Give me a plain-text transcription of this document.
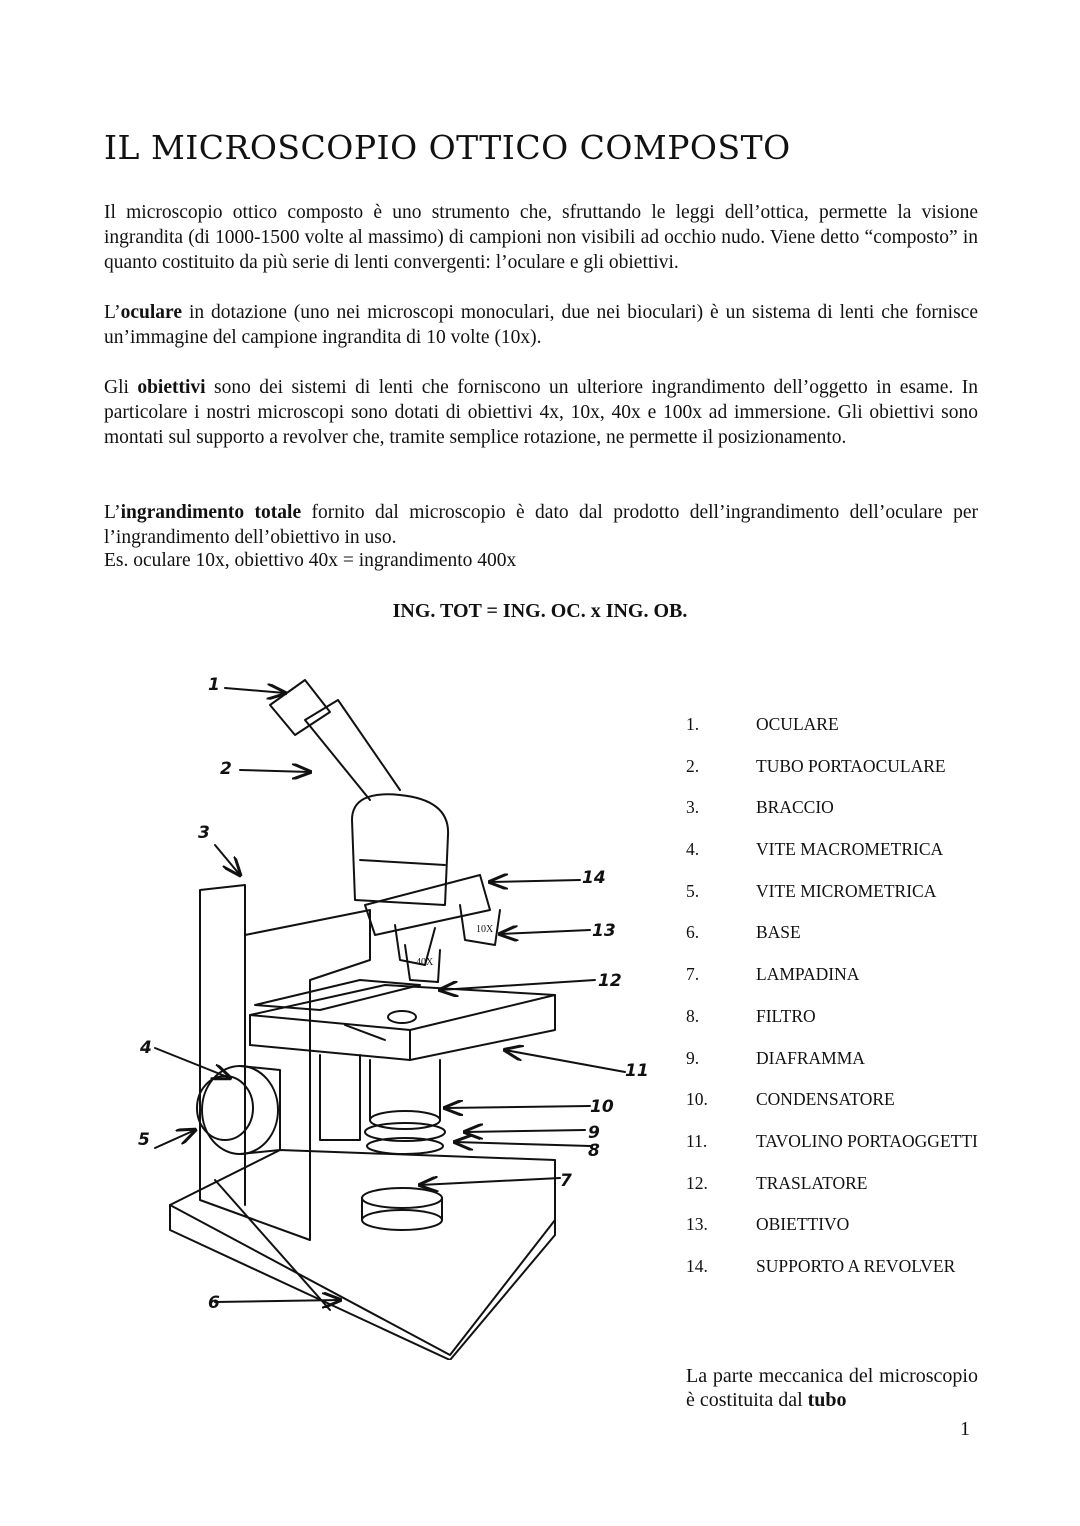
IL MICROSCOPIO OTTICO COMPOSTO

Il microscopio ottico composto è uno strumento che, sfruttando le leggi dell’ottica, permette la visione ingrandita (di 1000-1500 volte al massimo) di campioni non visibili ad occhio nudo. Viene detto “composto” in quanto costituito da più serie di lenti convergenti: l’oculare e gli obiettivi.

L’oculare in dotazione (uno nei microscopi monoculari, due nei bioculari) è un sistema di lenti che fornisce un’immagine del campione ingrandita di 10 volte (10x).

Gli obiettivi sono dei sistemi di lenti che forniscono un ulteriore ingrandimento dell’oggetto in esame. In particolare i nostri microscopi sono dotati di obiettivi 4x, 10x, 40x e 100x ad immersione. Gli obiettivi sono montati sul supporto a revolver che, tramite semplice rotazione, ne permette il posizionamento.

L’ingrandimento totale fornito dal microscopio è dato dal prodotto dell’ingrandimento dell’oculare per l’ingrandimento dell’obiettivo in uso.

Es. oculare 10x, obiettivo 40x = ingrandimento 400x
ING. TOT = ING. OC. x ING. OB.
40X
10X
1
2
3
4
5
6
7
8
9
10
11
12
13
14
1.	OCULARE
2.	TUBO PORTAOCULARE
3.	BRACCIO
4.	VITE MACROMETRICA
5.	VITE MICROMETRICA
6.	BASE
7.	LAMPADINA
8.	FILTRO
9.	DIAFRAMMA
10.	CONDENSATORE
11.	TAVOLINO PORTAOGGETTI
12.	TRASLATORE
13.	OBIETTIVO
14.	SUPPORTO A REVOLVER

La parte meccanica del microscopio è costituita dal tubo

1
